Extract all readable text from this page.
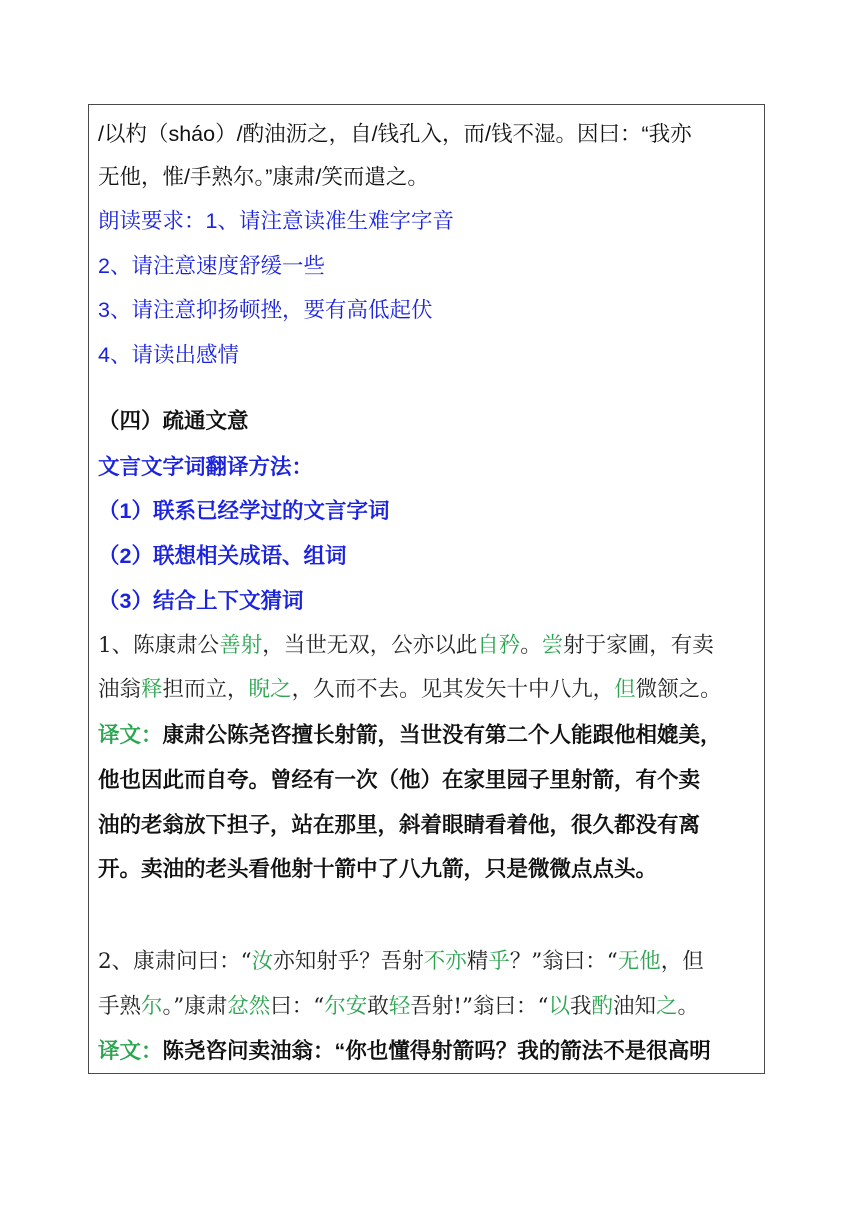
/以杓（sháo）/酌油沥之，自/钱孔入，而/钱不湿。因曰：“我亦
无他，惟/手熟尔。”康肃/笑而遣之。
朗读要求：1、请注意读准生难字字音
2、请注意速度舒缓一些
3、请注意抑扬顿挫，要有高低起伏
4、请读出感情
（四）疏通文意
文言文字词翻译方法：
（1）联系已经学过的文言字词
（2）联想相关成语、组词
（3）结合上下文猜词
1、陈康肃公善射，当世无双，公亦以此自矜。尝射于家圃，有卖
油翁释担而立，睨之，久而不去。见其发矢十中八九，但微颔之。
译文：康肃公陈尧咨擅长射箭，当世没有第二个人能跟他相媲美，
他也因此而自夸。曾经有一次（他）在家里园子里射箭，有个卖
油的老翁放下担子，站在那里，斜着眼睛看着他，很久都没有离
开。卖油的老头看他射十箭中了八九箭，只是微微点点头。
2、康肃问曰：“汝亦知射乎？吾射不亦精乎？”翁曰：“无他，但
手熟尔。”康肃忿然曰：“尔安敢轻吾射!”翁曰：“以我酌油知之。
译文：陈尧咨问卖油翁：“你也懂得射箭吗？我的箭法不是很高明
